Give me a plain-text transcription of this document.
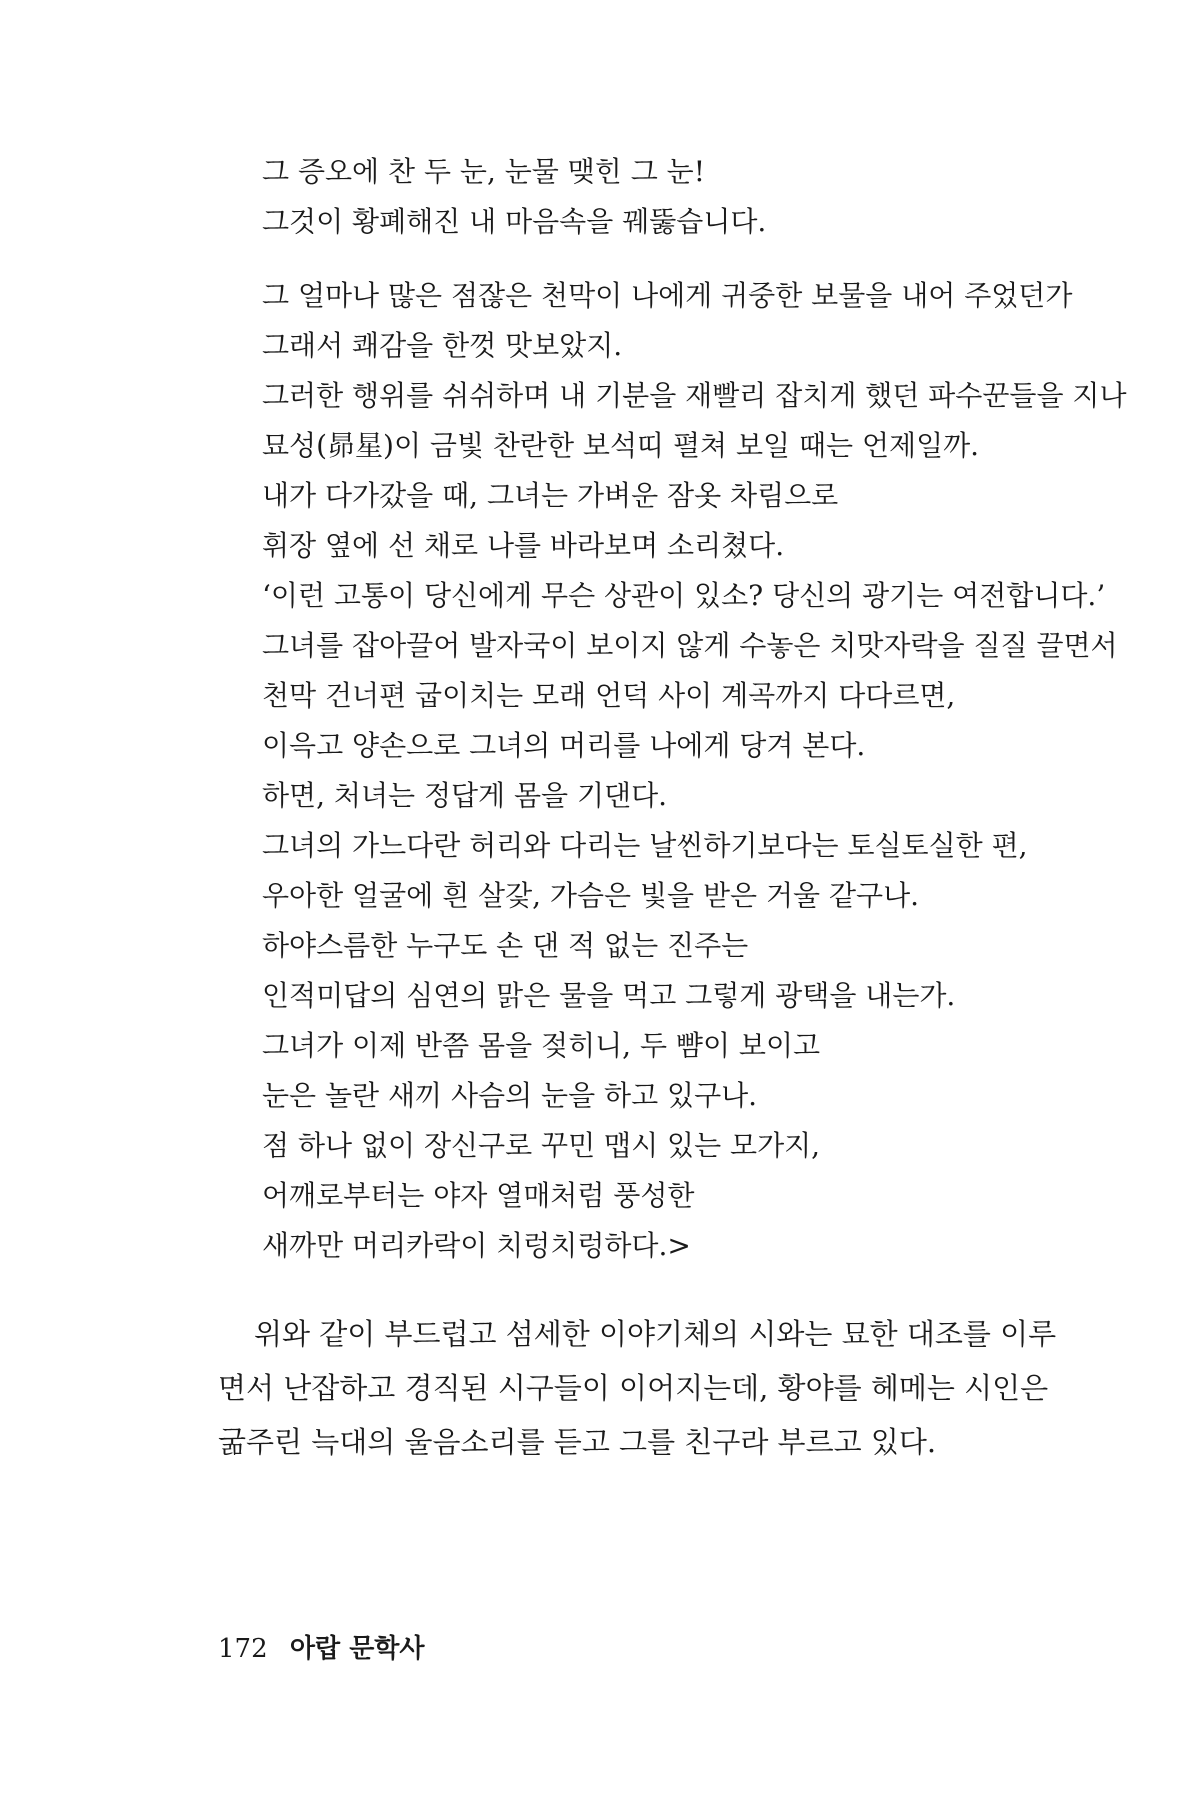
그 증오에 찬 두 눈, 눈물 맺힌 그 눈!
그것이 황폐해진 내 마음속을 꿰뚫습니다.
그 얼마나 많은 점잖은 천막이 나에게 귀중한 보물을 내어 주었던가
그래서 쾌감을 한껏 맛보았지.
그러한 행위를 쉬쉬하며 내 기분을 재빨리 잡치게 했던 파수꾼들을 지나
묘성(昴星)이 금빛 찬란한 보석띠 펼쳐 보일 때는 언제일까.
내가 다가갔을 때, 그녀는 가벼운 잠옷 차림으로
휘장 옆에 선 채로 나를 바라보며 소리쳤다.
‘이런 고통이 당신에게 무슨 상관이 있소? 당신의 광기는 여전합니다.’
그녀를 잡아끌어 발자국이 보이지 않게 수놓은 치맛자락을 질질 끌면서
천막 건너편 굽이치는 모래 언덕 사이 계곡까지 다다르면,
이윽고 양손으로 그녀의 머리를 나에게 당겨 본다.
하면, 처녀는 정답게 몸을 기댄다.
그녀의 가느다란 허리와 다리는 날씬하기보다는 토실토실한 편,
우아한 얼굴에 흰 살갗, 가슴은 빛을 받은 거울 같구나.
하야스름한 누구도 손 댄 적 없는 진주는
인적미답의 심연의 맑은 물을 먹고 그렇게 광택을 내는가.
그녀가 이제 반쯤 몸을 젖히니, 두 뺨이 보이고
눈은 놀란 새끼 사슴의 눈을 하고 있구나.
점 하나 없이 장신구로 꾸민 맵시 있는 모가지,
어깨로부터는 야자 열매처럼 풍성한
새까만 머리카락이 치렁치렁하다.>
위와 같이 부드럽고 섬세한 이야기체의 시와는 묘한 대조를 이루
면서 난잡하고 경직된 시구들이 이어지는데, 황야를 헤메는 시인은
굶주린 늑대의 울음소리를 듣고 그를 친구라 부르고 있다.
172 아랍 문학사
